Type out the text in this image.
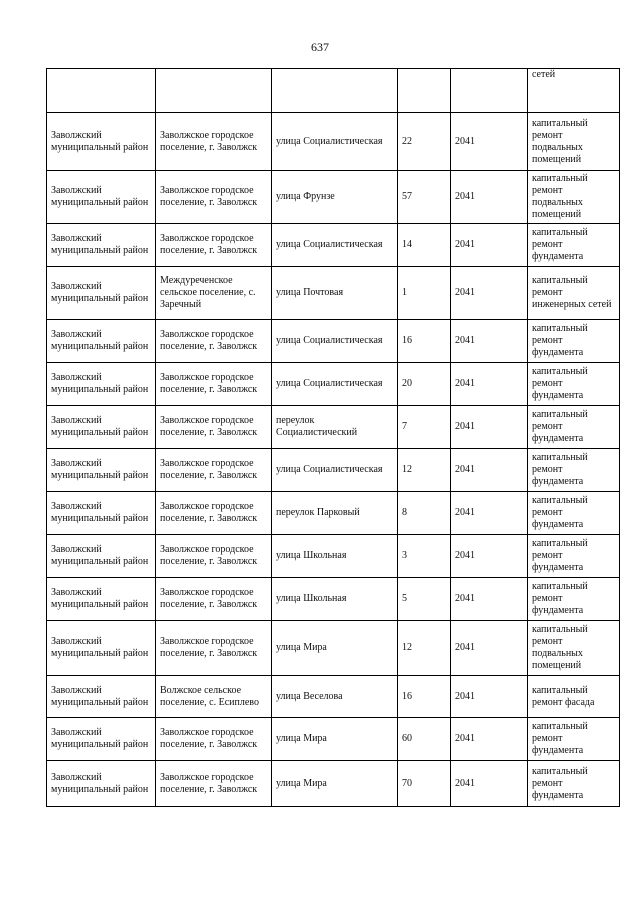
637
					сетей
Заволжский муниципальный район	Заволжское городское поселение, г. Заволжск	улица Социалистическая	22	2041	капитальный ремонт подвальных помещений
Заволжский муниципальный район	Заволжское городское поселение, г. Заволжск	улица Фрунзе	57	2041	капитальный ремонт подвальных помещений
Заволжский муниципальный район	Заволжское городское поселение, г. Заволжск	улица Социалистическая	14	2041	капитальный ремонт фундамента
Заволжский муниципальный район	Междуреченское сельское поселение, с. Заречный	улица Почтовая	1	2041	капитальный ремонт инженерных сетей
Заволжский муниципальный район	Заволжское городское поселение, г. Заволжск	улица Социалистическая	16	2041	капитальный ремонт фундамента
Заволжский муниципальный район	Заволжское городское поселение, г. Заволжск	улица Социалистическая	20	2041	капитальный ремонт фундамента
Заволжский муниципальный район	Заволжское городское поселение, г. Заволжск	переулок Социалистический	7	2041	капитальный ремонт фундамента
Заволжский муниципальный район	Заволжское городское поселение, г. Заволжск	улица Социалистическая	12	2041	капитальный ремонт фундамента
Заволжский муниципальный район	Заволжское городское поселение, г. Заволжск	переулок Парковый	8	2041	капитальный ремонт фундамента
Заволжский муниципальный район	Заволжское городское поселение, г. Заволжск	улица Школьная	3	2041	капитальный ремонт фундамента
Заволжский муниципальный район	Заволжское городское поселение, г. Заволжск	улица Школьная	5	2041	капитальный ремонт фундамента
Заволжский муниципальный район	Заволжское городское поселение, г. Заволжск	улица Мира	12	2041	капитальный ремонт подвальных помещений
Заволжский муниципальный район	Волжское сельское поселение, с. Есиплево	улица Веселова	16	2041	капитальный ремонт фасада
Заволжский муниципальный район	Заволжское городское поселение, г. Заволжск	улица Мира	60	2041	капитальный ремонт фундамента
Заволжский муниципальный район	Заволжское городское поселение, г. Заволжск	улица Мира	70	2041	капитальный ремонт фундамента
